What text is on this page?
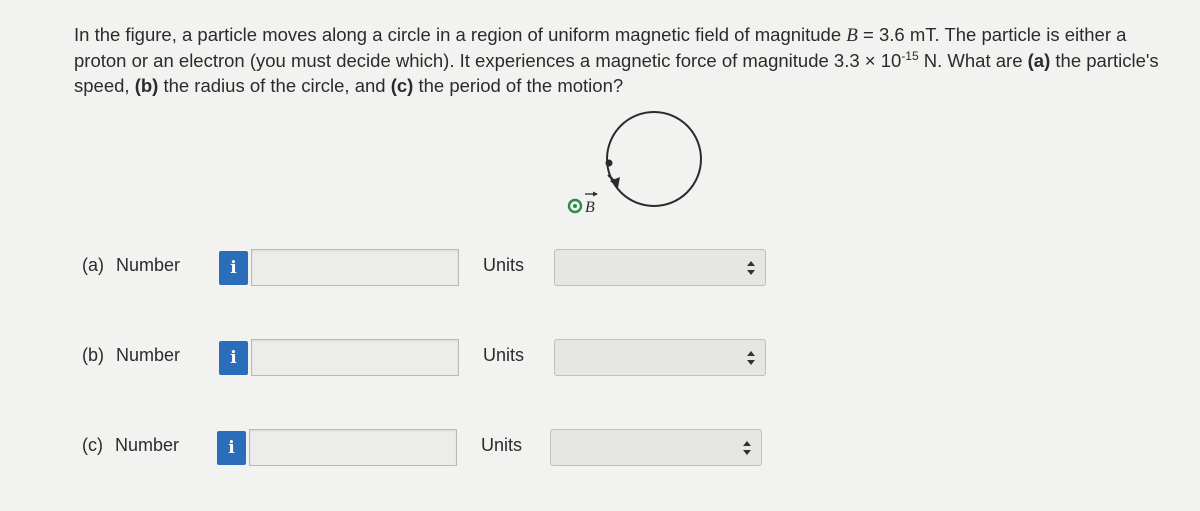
In the figure, a particle moves along a circle in a region of uniform magnetic field of magnitude B = 3.6 mT. The particle is either a

proton or an electron (you must decide which). It experiences a magnetic force of magnitude $3.3 \times 10^{-15}$ N. What are (a) the particle's

speed, (b) the radius of the circle, and (c) the period of the motion?

B
(a) Number	i	Units
(b) Number	i	Units
(c) Number	i	Units
